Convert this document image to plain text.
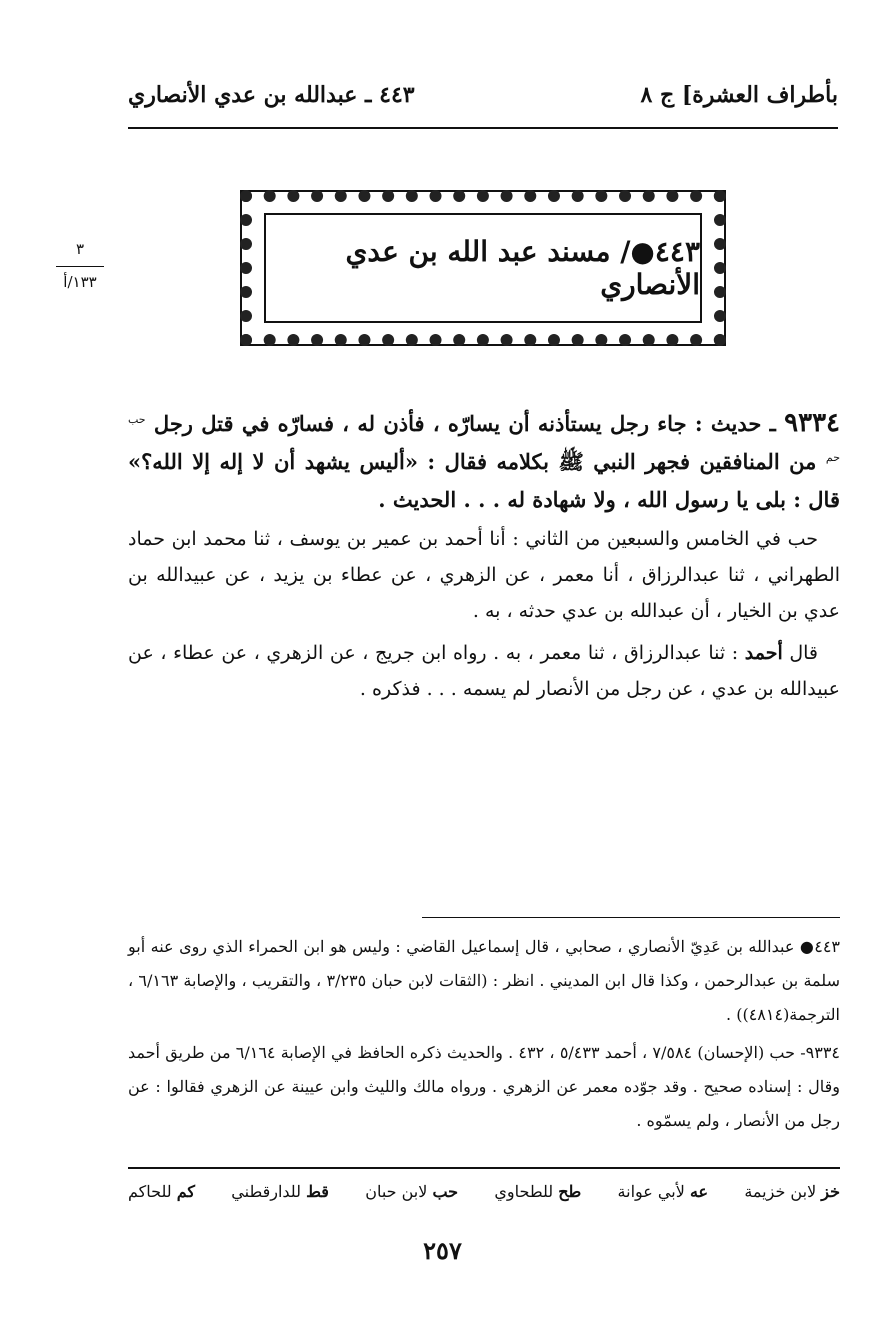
بأطراف العشرة] ج ٨
٤٤٣ ـ عبدالله بن عدي الأنصاري
٣
١٣٣/أ
٤٤٣●/ مسند عبد الله بن عدي الأنصاري

٩٣٣٤ ـ حديث : جاء رجل يستأذنه أن يسارّه ، فأذن له ، فسارّه في قتل رجل $^{حب حم}$ من المنافقين فجهر النبي ﷺ بكلامه فقال : «أليس يشهد أن لا إله إلا الله؟» قال : بلى يا رسول الله ، ولا شهادة له . . . الحديث .

حب في الخامس والسبعين من الثاني : أنا أحمد بن عمير بن يوسف ، ثنا محمد ابن حماد الطهراني ، ثنا عبدالرزاق ، أنا معمر ، عن الزهري ، عن عطاء بن يزيد ، عن عبيدالله بن عدي بن الخيار ، أن عبدالله بن عدي حدثه ، به .

قال أحمد : ثنا عبدالرزاق ، ثنا معمر ، به . رواه ابن جريج ، عن الزهري ، عن عطاء ، عن عبيدالله بن عدي ، عن رجل من الأنصار لم يسمه . . . فذكره .

٤٤٣● عبدالله بن عَدِيّ الأنصاري ، صحابي ، قال إسماعيل القاضي : وليس هو ابن الحمراء الذي روى عنه أبو سلمة بن عبدالرحمن ، وكذا قال ابن المديني . انظر : (الثقات لابن حبان ٣/٢٣٥ ، والتقريب ، والإصابة ٦/١٦٣ ، الترجمة(٤٨١٤)) .

٩٣٣٤- حب (الإحسان) ٧/٥٨٤ ، أحمد ٥/٤٣٣ ، ٤٣٢ . والحديث ذكره الحافظ في الإصابة ٦/١٦٤ من طريق أحمد وقال : إسناده صحيح . وقد جوّده معمر عن الزهري . ورواه مالك والليث وابن عيينة عن الزهري فقالوا : عن رجل من الأنصار ، ولم يسمّوه .

خز لابن خزيمة
عه لأبي عوانة
طح للطحاوي
حب لابن حبان
قط للدارقطني
كم للحاكم
٢٥٧
